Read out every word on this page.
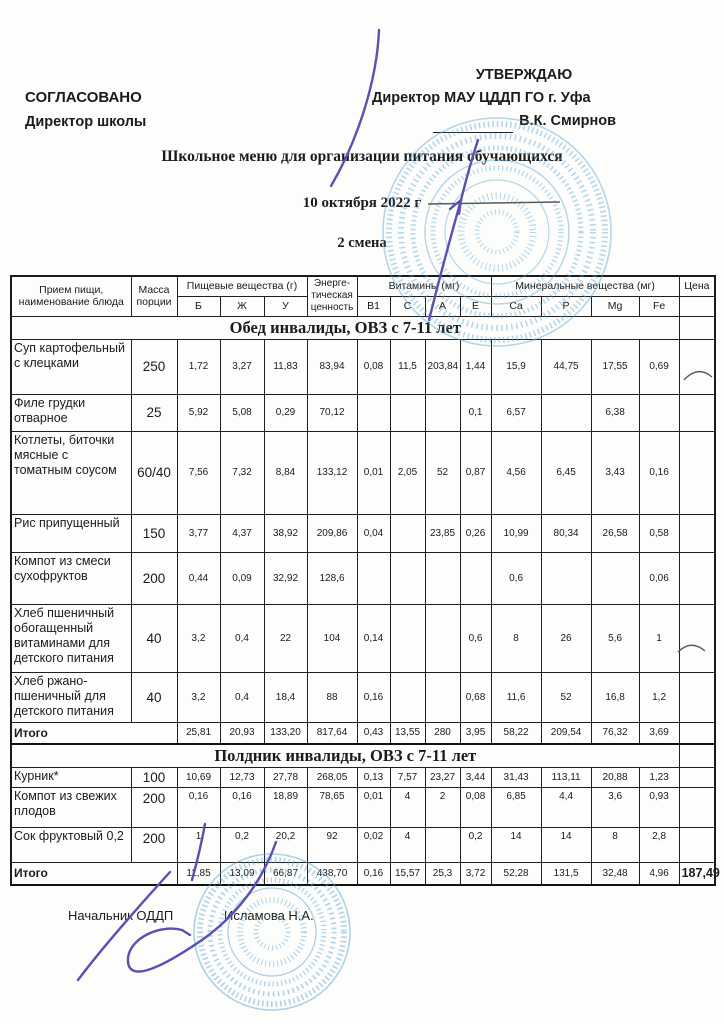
СОГЛАСОВАНО
Директор школы
УТВЕРЖДАЮ
Директор МАУ ЦДДП ГО г. Уфа
В.К. Смирнов
Школьное меню для организации питания обучающихся
10 октября 2022 г
2 смена
Прием пищи, наименование блюда	Масса порции	Пищевые вещества (г)			Энергетическая ценность	Витамины (мг)				Минеральные вещества (мг)				Цена
		Б	Ж	У		B1	C	A	E	Ca	P	Mg	Fe	
Обед инвалиды, ОВЗ с 7-11 лет														
Суп картофельный с клецками	250	1,72	3,27	11,83	83,94	0,08	11,5	203,84	1,44	15,9	44,75	17,55	0,69	
Филе грудки отварное	25	5,92	5,08	0,29	70,12				0,1	6,57		6,38		
Котлеты, биточки мясные с томатным соусом	60/40	7,56	7,32	8,84	133,12	0,01	2,05	52	0,87	4,56	6,45	3,43	0,16	
Рис припущенный	150	3,77	4,37	38,92	209,86	0,04		23,85	0,26	10,99	80,34	26,58	0,58	
Компот из смеси сухофруктов	200	0,44	0,09	32,92	128,6					0,6			0,06	
Хлеб пшеничный обогащенный витаминами для детского питания	40	3,2	0,4	22	104	0,14			0,6	8	26	5,6	1	
Хлеб ржано-пшеничный для детского питания	40	3,2	0,4	18,4	88	0,16			0,68	11,6	52	16,8	1,2	
Итого		25,81	20,93	133,20	817,64	0,43	13,55	280	3,95	58,22	209,54	76,32	3,69	
Полдник инвалиды, ОВЗ с 7-11 лет														
Курник*	100	10,69	12,73	27,78	268,05	0,13	7,57	23,27	3,44	31,43	113,11	20,88	1,23	
Компот из свежих плодов	200	0,16	0,16	18,89	78,65	0,01	4	2	0,08	6,85	4,4	3,6	0,93	
Сок фруктовый 0,2	200	1	0,2	20,2	92	0,02	4		0,2	14	14	8	2,8	
Итого		11,85	13,09	66,87	438,70	0,16	15,57	25,3	3,72	52,28	131,5	32,48	4,96	187,49
Начальник ОДДП	Исламова Н.А.
